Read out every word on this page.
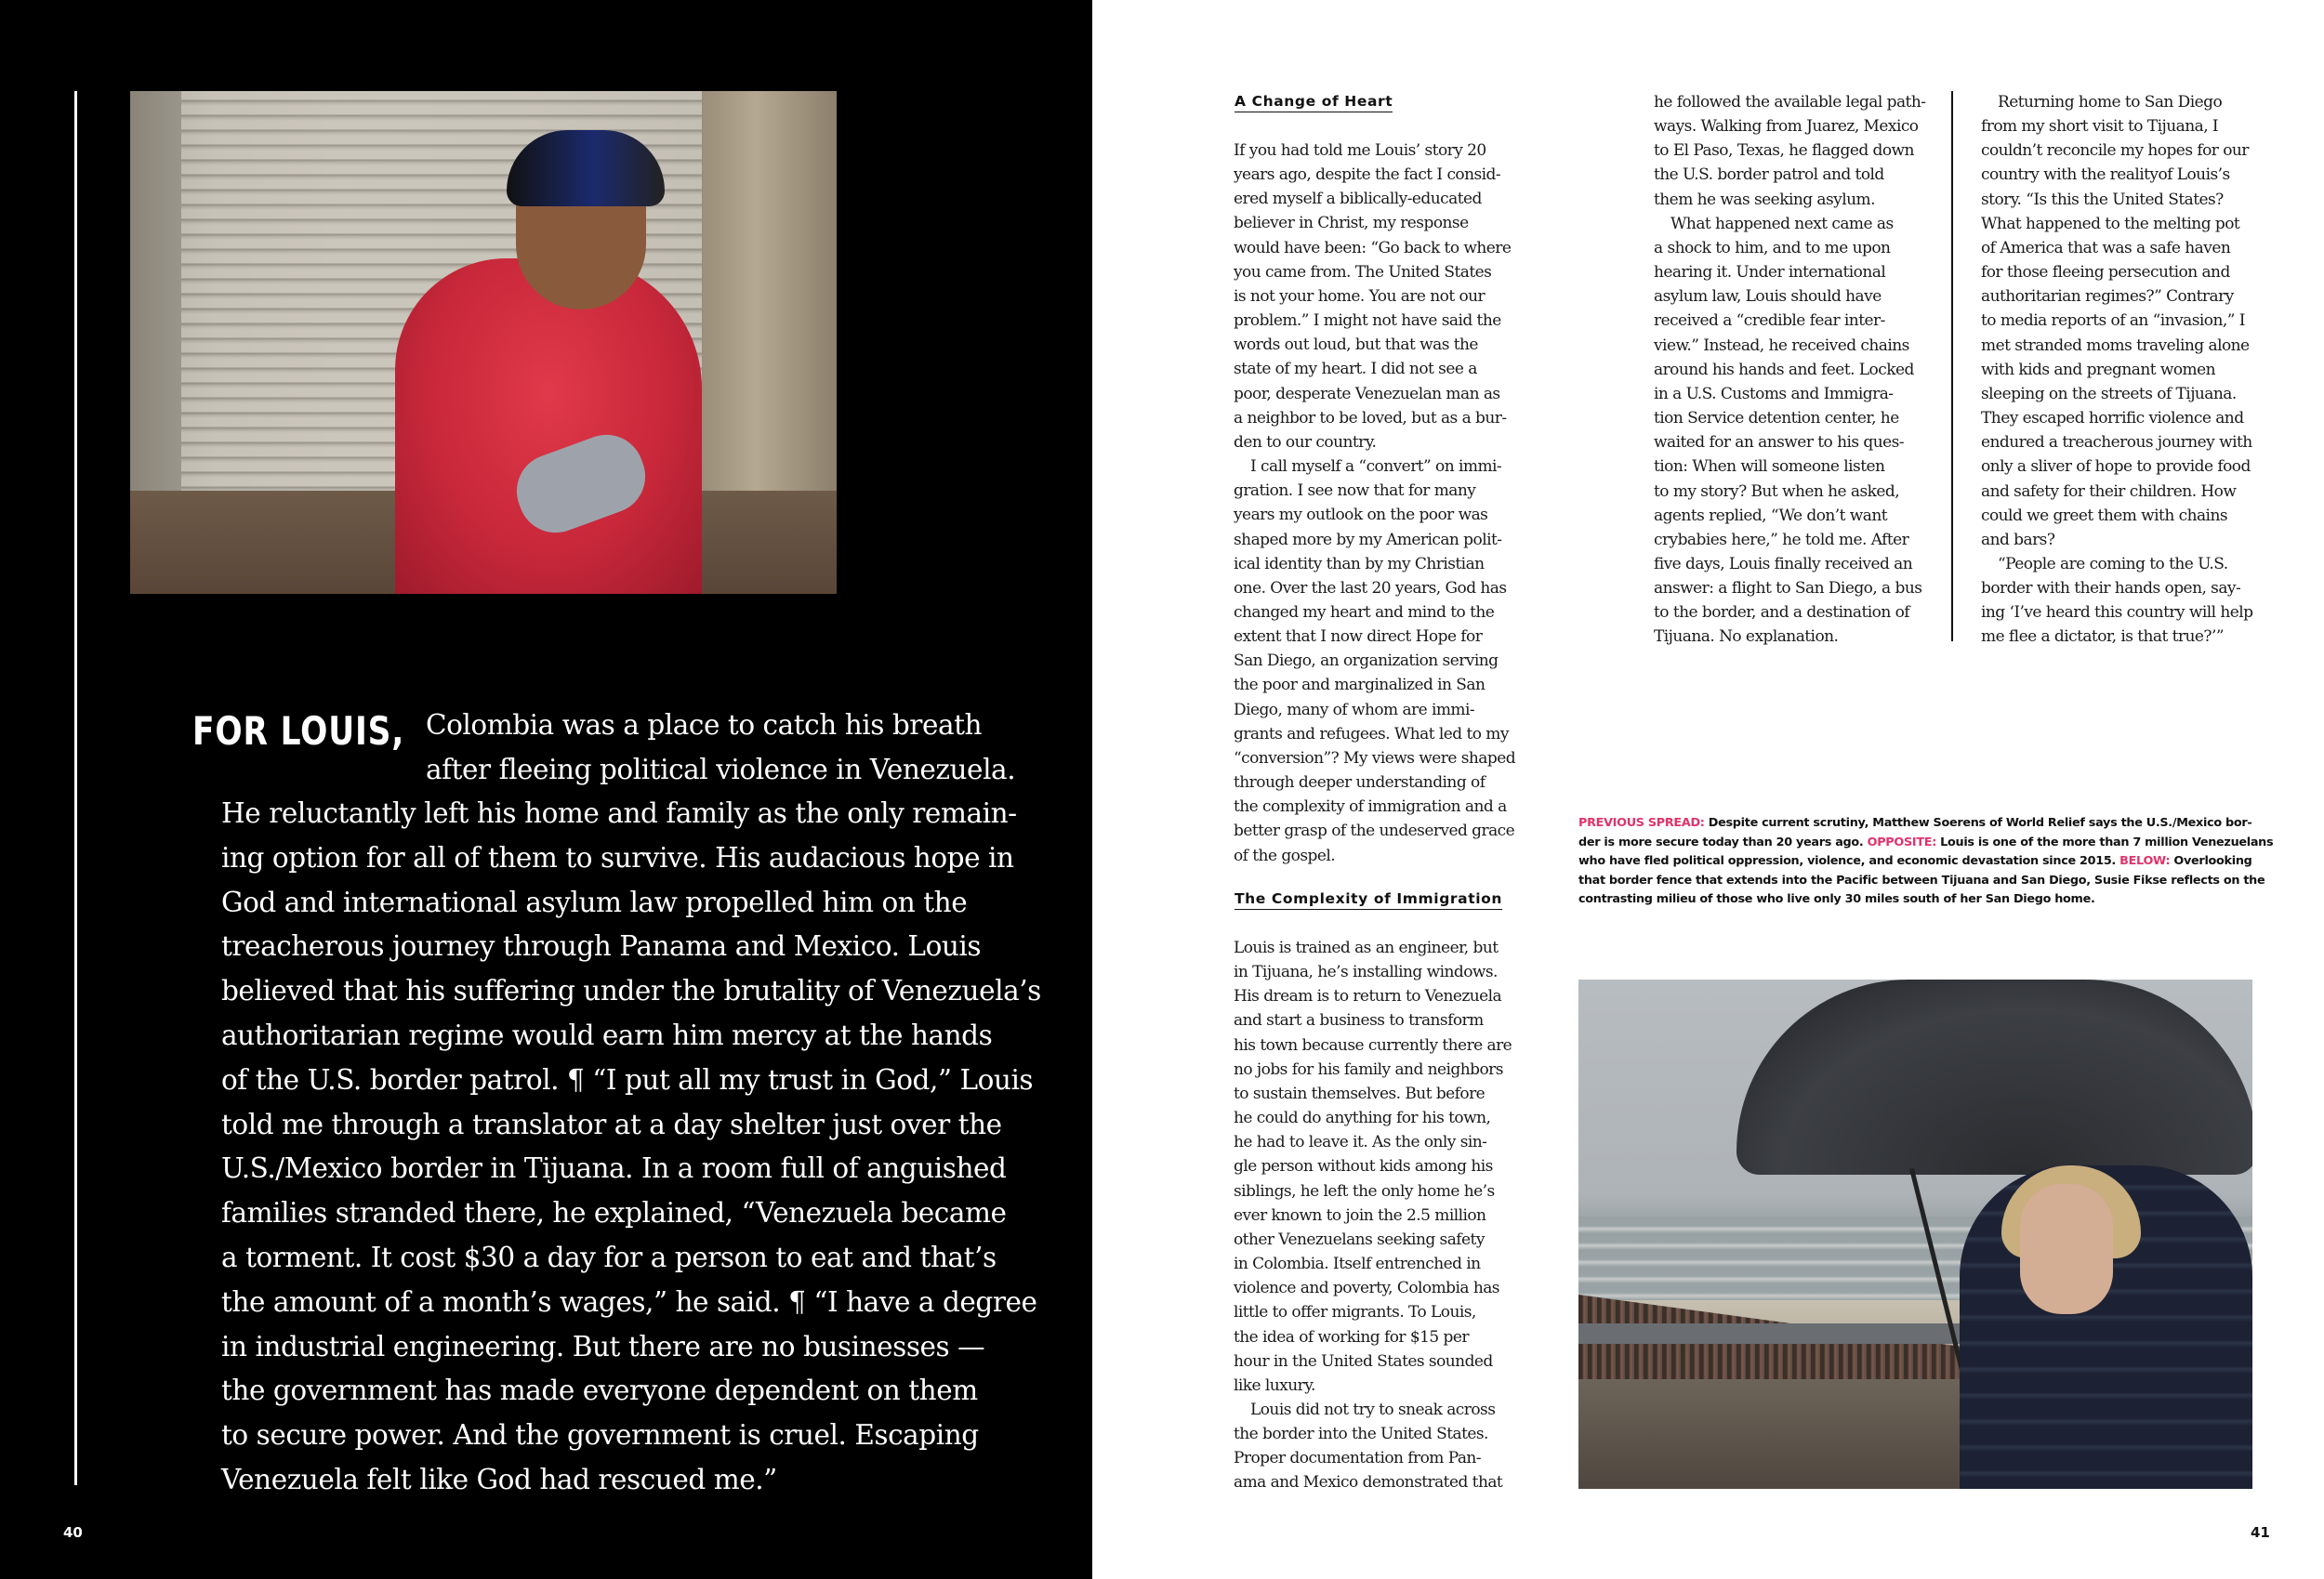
FOR LOUIS, Colombia was a place to catch his breath
after fleeing political violence in Venezuela.
He reluctantly left his home and family as the only remain-
ing option for all of them to survive. His audacious hope in
God and international asylum law propelled him on the
treacherous journey through Panama and Mexico. Louis
believed that his suffering under the brutality of Venezuela’s
authoritarian regime would earn him mercy at the hands
of the U.S. border patrol. ¶ “I put all my trust in God,” Louis
told me through a translator at a day shelter just over the
U.S./Mexico border in Tijuana. In a room full of anguished
families stranded there, he explained, “Venezuela became
a torment. It cost $30 a day for a person to eat and that’s
the amount of a month’s wages,” he said. ¶ “I have a degree
in industrial engineering. But there are no businesses —
the government has made everyone dependent on them
to secure power. And the government is cruel. Escaping
Venezuela felt like God had rescued me.”
40
A Change of Heart
If you had told me Louis’ story 20
years ago, despite the fact I consid-
ered myself a biblically-educated
believer in Christ, my response
would have been: “Go back to where
you came from. The United States
is not your home. You are not our
problem.” I might not have said the
words out loud, but that was the
state of my heart. I did not see a
poor, desperate Venezuelan man as
a neighbor to be loved, but as a bur-
den to our country.
I call myself a “convert” on immi-
gration. I see now that for many
years my outlook on the poor was
shaped more by my American polit-
ical identity than by my Christian
one. Over the last 20 years, God has
changed my heart and mind to the
extent that I now direct Hope for
San Diego, an organization serving
the poor and marginalized in San
Diego, many of whom are immi-
grants and refugees. What led to my
“conversion”? My views were shaped
through deeper understanding of
the complexity of immigration and a
better grasp of the undeserved grace
of the gospel.
The Complexity of Immigration
Louis is trained as an engineer, but
in Tijuana, he’s installing windows.
His dream is to return to Venezuela
and start a business to transform
his town because currently there are
no jobs for his family and neighbors
to sustain themselves. But before
he could do anything for his town,
he had to leave it. As the only sin-
gle person without kids among his
siblings, he left the only home he’s
ever known to join the 2.5 million
other Venezuelans seeking safety
in Colombia. Itself entrenched in
violence and poverty, Colombia has
little to offer migrants. To Louis,
the idea of working for $15 per
hour in the United States sounded
like luxury.
Louis did not try to sneak across
the border into the United States.
Proper documentation from Pan-
ama and Mexico demonstrated that
he followed the available legal path-
ways. Walking from Juarez, Mexico
to El Paso, Texas, he flagged down
the U.S. border patrol and told
them he was seeking asylum.
What happened next came as
a shock to him, and to me upon
hearing it. Under international
asylum law, Louis should have
received a “credible fear inter-
view.” Instead, he received chains
around his hands and feet. Locked
in a U.S. Customs and Immigra-
tion Service detention center, he
waited for an answer to his ques-
tion: When will someone listen
to my story? But when he asked,
agents replied, “We don’t want
crybabies here,” he told me. After
five days, Louis finally received an
answer: a flight to San Diego, a bus
to the border, and a destination of
Tijuana. No explanation.
Returning home to San Diego
from my short visit to Tijuana, I
couldn’t reconcile my hopes for our
country with the realityof Louis’s
story. “Is this the United States?
What happened to the melting pot
of America that was a safe haven
for those fleeing persecution and
authoritarian regimes?” Contrary
to media reports of an “invasion,” I
met stranded moms traveling alone
with kids and pregnant women
sleeping on the streets of Tijuana.
They escaped horrific violence and
endured a treacherous journey with
only a sliver of hope to provide food
and safety for their children. How
could we greet them with chains
and bars?
“People are coming to the U.S.
border with their hands open, say-
ing ‘I’ve heard this country will help
me flee a dictator, is that true?’”
PREVIOUS SPREAD: Despite current scrutiny, Matthew Soerens of World Relief says the U.S./Mexico bor-
der is more secure today than 20 years ago. OPPOSITE: Louis is one of the more than 7 million Venezuelans
who have fled political oppression, violence, and economic devastation since 2015. BELOW: Overlooking
that border fence that extends into the Pacific between Tijuana and San Diego, Susie Fikse reflects on the
contrasting milieu of those who live only 30 miles south of her San Diego home.
41
